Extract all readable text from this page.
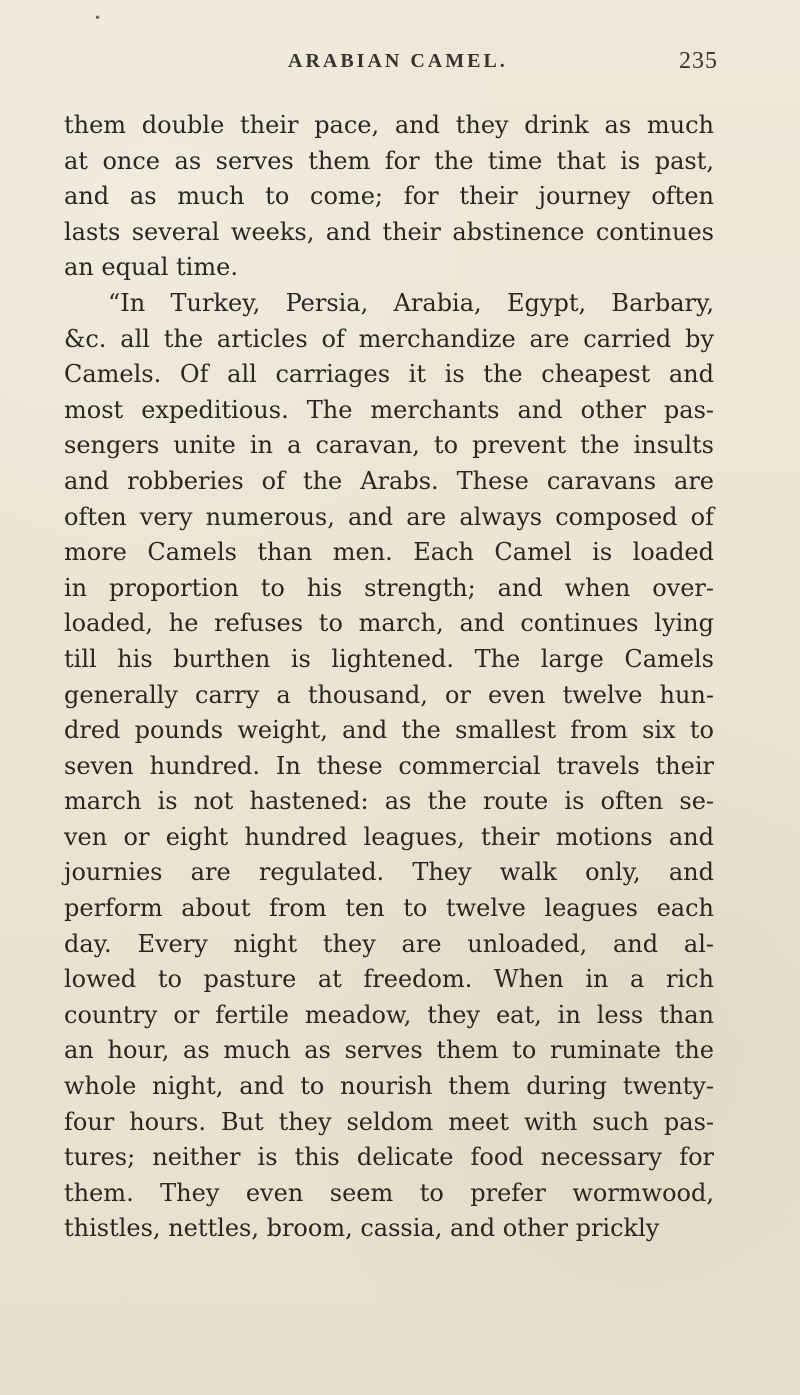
•
ARABIAN CAMEL.	235
them double their pace, and they drink as much
at once as serves them for the time that is past,
and as much to come; for their journey often
lasts several weeks, and their abstinence continues
an equal time.
“In Turkey, Persia, Arabia, Egypt, Barbary,
&c. all the articles of merchandize are carried by
Camels. Of all carriages it is the cheapest and
most expeditious. The merchants and other pas-
sengers unite in a caravan, to prevent the insults
and robberies of the Arabs. These caravans are
often very numerous, and are always composed of
more Camels than men. Each Camel is loaded
in proportion to his strength; and when over-
loaded, he refuses to march, and continues lying
till his burthen is lightened. The large Camels
generally carry a thousand, or even twelve hun-
dred pounds weight, and the smallest from six to
seven hundred. In these commercial travels their
march is not hastened: as the route is often se-
ven or eight hundred leagues, their motions and
journies are regulated. They walk only, and
perform about from ten to twelve leagues each
day. Every night they are unloaded, and al-
lowed to pasture at freedom. When in a rich
country or fertile meadow, they eat, in less than
an hour, as much as serves them to ruminate the
whole night, and to nourish them during twenty-
four hours. But they seldom meet with such pas-
tures; neither is this delicate food necessary for
them. They even seem to prefer wormwood,
thistles, nettles, broom, cassia, and other prickly
